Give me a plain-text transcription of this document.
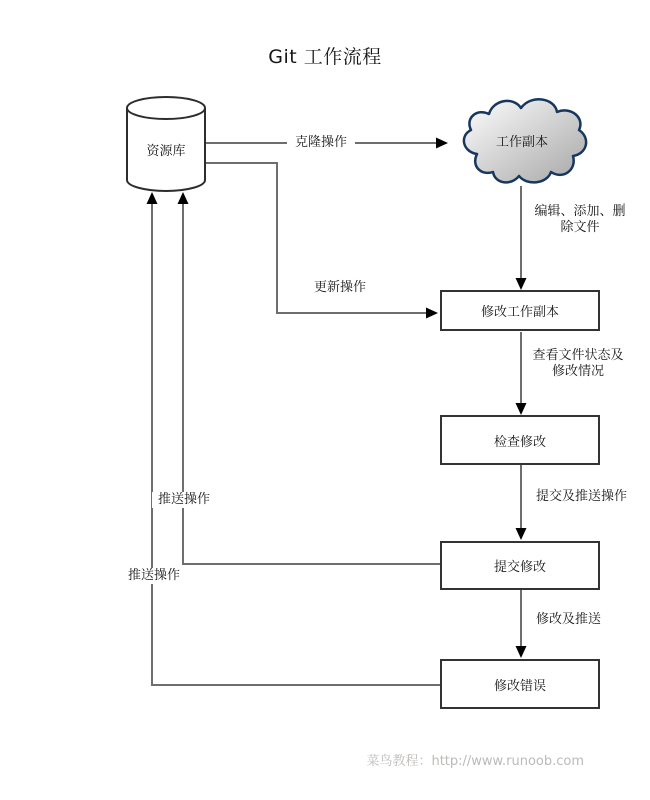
Git 工作流程
资源库
工作副本
修改工作副本
检查修改
提交修改
修改错误
克隆操作
更新操作
编辑、添加、删
除文件
查看文件状态及
修改情况
提交及推送操作
修改及推送
推送操作
推送操作
菜鸟教程：http://www.runoob.com
